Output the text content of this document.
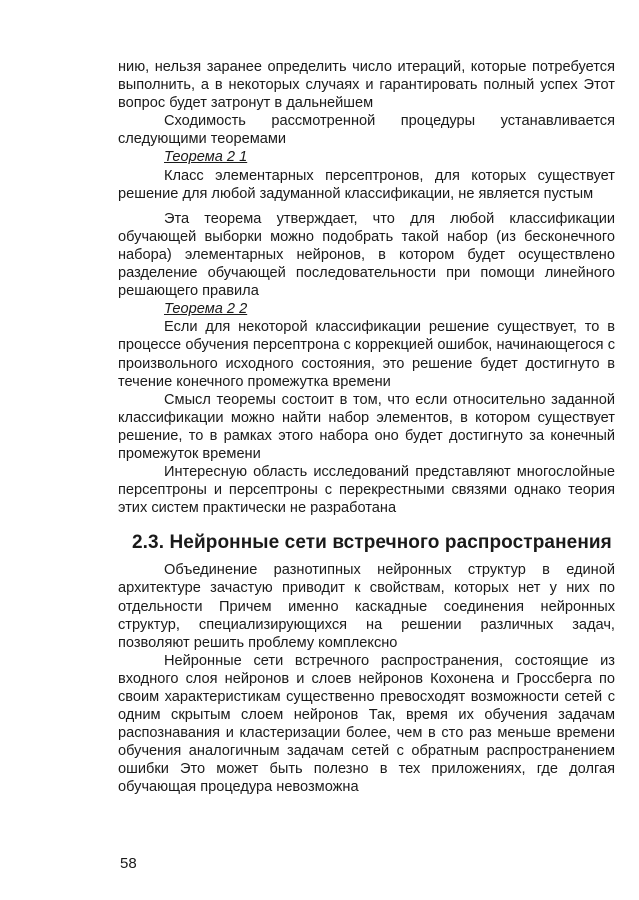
нию, нельзя заранее определить число итераций, которые потребуется выполнить, а в некоторых случаях и гарантировать полный успех Этот вопрос будет затронут в дальнейшем

Сходимость рассмотренной процедуры устанавливается следующими теоремами

Теорема 2 1

Класс элементарных персептронов, для которых существует решение для любой задуманной классификации, не является пустым

Эта теорема утверждает, что для любой классификации обучающей выборки можно подобрать такой набор (из бесконечного набора) элементарных нейронов, в котором будет осуществлено разделение обучающей последовательности при помощи линейного решающего правила

Теорема 2 2

Если для некоторой классификации решение существует, то в процессе обучения персептрона с коррекцией ошибок, начинающегося с произвольного исходного состояния, это решение будет достигнуто в течение конечного промежутка времени

Смысл теоремы состоит в том, что если относительно заданной классификации можно найти набор элементов, в котором существует решение, то в рамках этого набора оно будет достигнуто за конечный промежуток времени

Интересную область исследований представляют многослойные персептроны и персептроны с перекрестными связями однако теория этих систем практически не разработана

2.3. Нейронные сети встречного распространения

Объединение разнотипных нейронных структур в единой архитектуре зачастую приводит к свойствам, которых нет у них по отдельности Причем именно каскадные соединения нейронных структур, специализирующихся на решении различных задач, позволяют решить проблему комплексно

Нейронные сети встречного распространения, состоящие из входного слоя нейронов и слоев нейронов Кохонена и Гроссберга по своим характеристикам существенно превосходят возможности сетей с одним скрытым слоем нейронов Так, время их обучения задачам распознавания и кластеризации более, чем в сто раз меньше времени обучения аналогичным задачам сетей с обратным распространением ошибки Это может быть полезно в тех приложениях, где долгая обучающая процедура невозможна

58
